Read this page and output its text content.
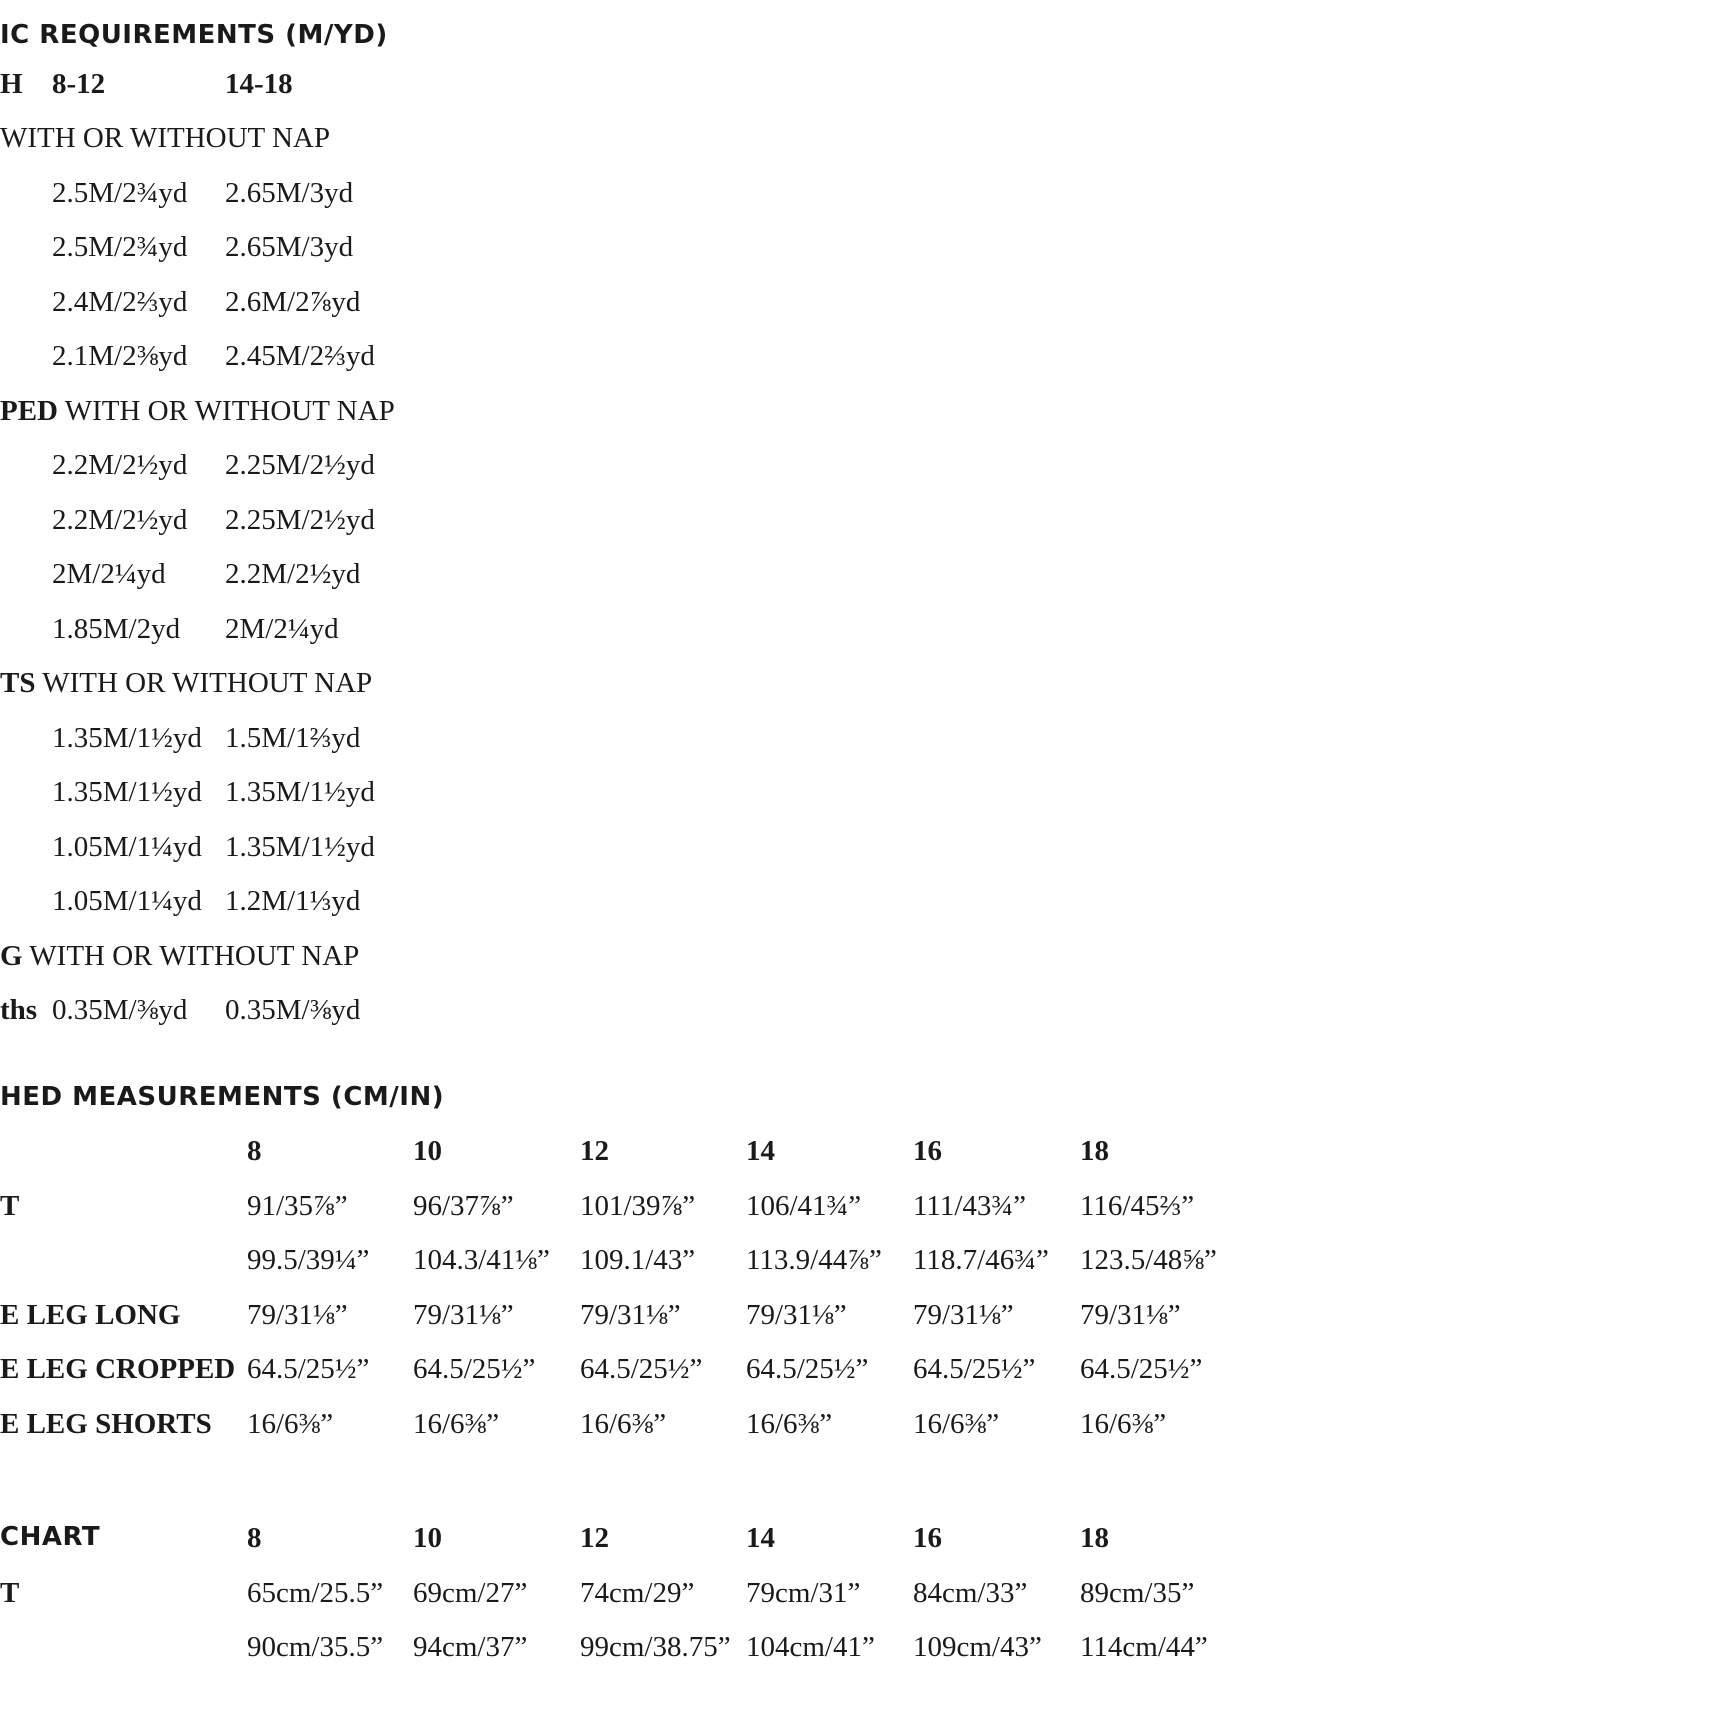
IC REQUIREMENTS (M/YD)
H 8-12	14-18
WITH OR WITHOUT NAP
2.5M/2¾yd 2.65M/3yd
2.5M/2¾yd 2.65M/3yd
2.4M/2⅔yd 2.6M/2⅞yd
2.1M/2⅜yd 2.45M/2⅔yd
PED WITH OR WITHOUT NAP
2.2M/2½yd 2.25M/2½yd
2.2M/2½yd 2.25M/2½yd
2M/2¼yd 2.2M/2½yd
1.85M/2yd 2M/2¼yd
TS WITH OR WITHOUT NAP
1.35M/1½yd 1.5M/1⅔yd
1.35M/1½yd 1.35M/1½yd
1.05M/1¼yd 1.35M/1½yd
1.05M/1¼yd 1.2M/1⅓yd
G WITH OR WITHOUT NAP
ths 0.35M/⅜yd 0.35M/⅜yd
HED MEASUREMENTS (CM/IN)
8	10	12	14	16	18
T	91/35⅞” 96/37⅞” 101/39⅞” 106/41¾” 111/43¾” 116/45⅔”
99.5/39¼” 104.3/41⅛” 109.1/43” 113.9/44⅞” 118.7/46¾” 123.5/48⅝”
E LEG LONG 79/31⅛” 79/31⅛” 79/31⅛” 79/31⅛” 79/31⅛” 79/31⅛”
E LEG CROPPED 64.5/25½” 64.5/25½” 64.5/25½” 64.5/25½” 64.5/25½” 64.5/25½”
E LEG SHORTS 16/6⅜”	16/6⅜”	16/6⅜”	16/6⅜”	16/6⅜”	16/6⅜”
CHART	8	10	12	14	16	18
T	65cm/25.5” 69cm/27” 74cm/29” 79cm/31” 84cm/33” 89cm/35”
90cm/35.5” 94cm/37” 99cm/38.75” 104cm/41” 109cm/43” 114cm/44”
